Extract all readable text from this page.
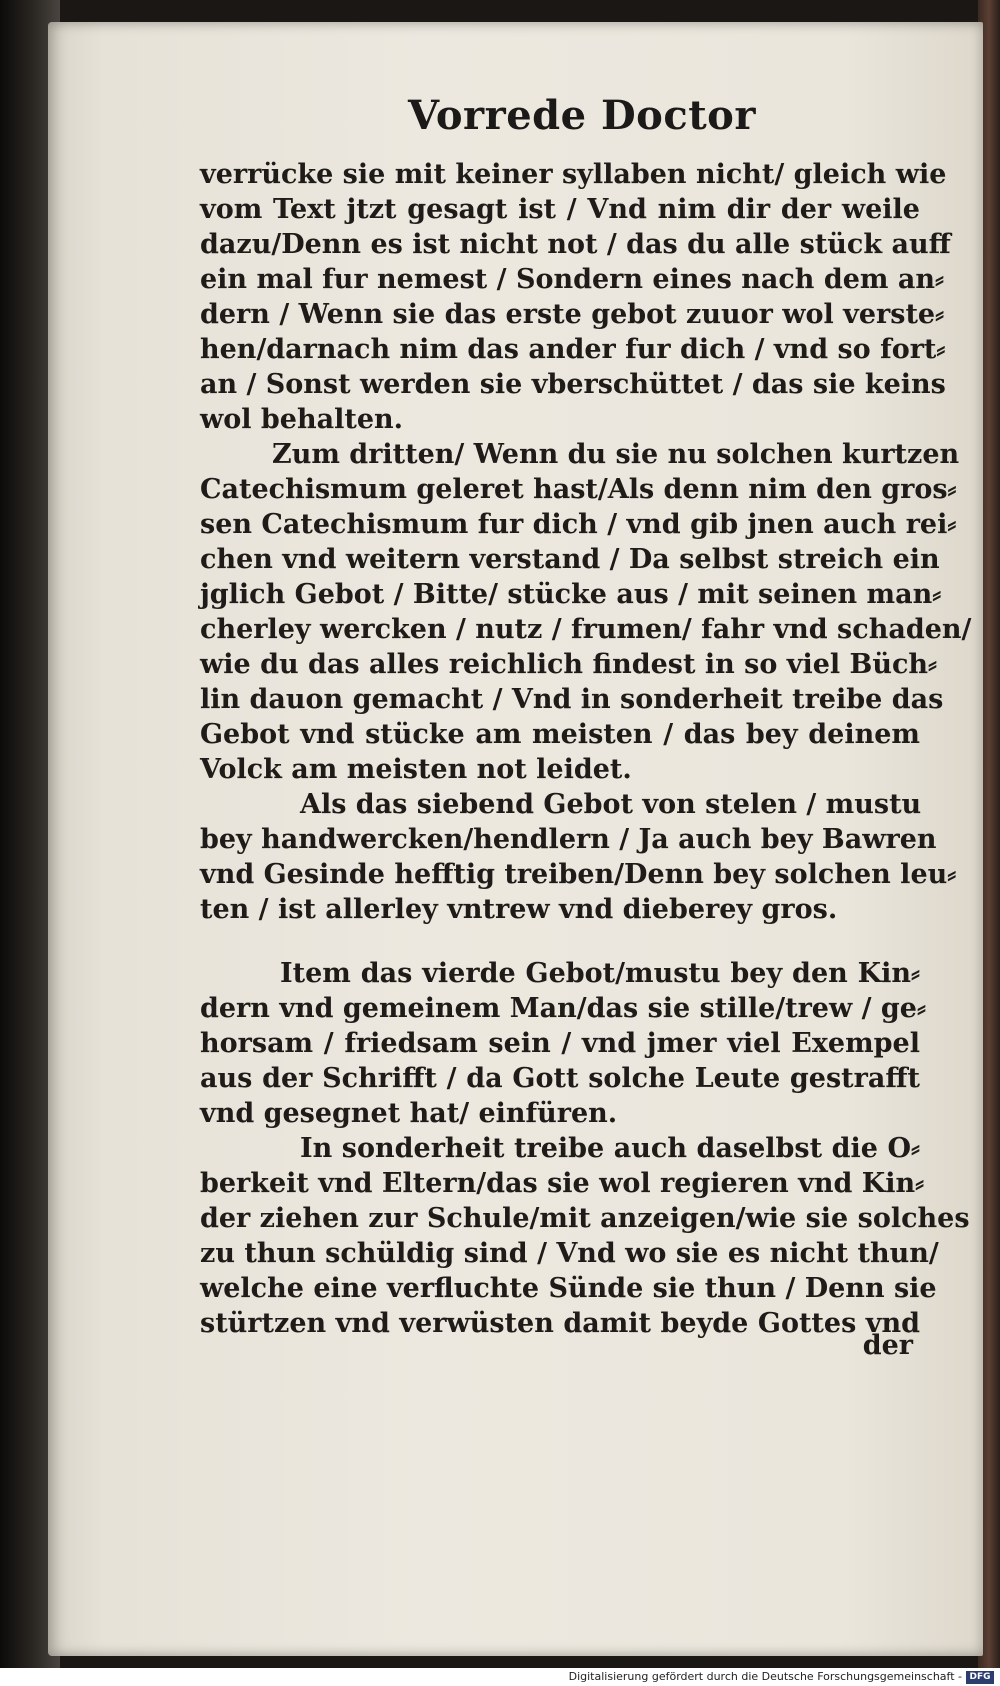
Vorrede Doctor
verrücke sie mit keiner syllaben nicht/ gleich wie
vom Text jtzt gesagt ist / Vnd nim dir der weile
dazu/Denn es ist nicht not / das du alle stück auff
ein mal fur nemest / Sondern eines nach dem an⸗
dern / Wenn sie das erste gebot zuuor wol verste⸗
hen/darnach nim das ander fur dich / vnd so fort⸗
an / Sonst werden sie vberschüttet / das sie keins
wol behalten.
Zum dritten/ Wenn du sie nu solchen kurtzen
Catechismum geleret hast/Als denn nim den gros⸗
sen Catechismum fur dich / vnd gib jnen auch rei⸗
chen vnd weitern verstand / Da selbst streich ein
jglich Gebot / Bitte/ stücke aus / mit seinen man⸗
cherley wercken / nutz / frumen/ fahr vnd schaden/
wie du das alles reichlich findest in so viel Büch⸗
lin dauon gemacht / Vnd in sonderheit treibe das
Gebot vnd stücke am meisten / das bey deinem
Volck am meisten not leidet.
Als das siebend Gebot von stelen / mustu
bey handwercken/hendlern / Ja auch bey Bawren
vnd Gesinde hefftig treiben/Denn bey solchen leu⸗
ten / ist allerley vntrew vnd dieberey gros.
Item das vierde Gebot/mustu bey den Kin⸗
dern vnd gemeinem Man/das sie stille/trew / ge⸗
horsam / friedsam sein / vnd jmer viel Exempel
aus der Schrifft / da Gott solche Leute gestrafft
vnd gesegnet hat/ einfüren.
In sonderheit treibe auch daselbst die O⸗
berkeit vnd Eltern/das sie wol regieren vnd Kin⸗
der ziehen zur Schule/mit anzeigen/wie sie solches
zu thun schüldig sind / Vnd wo sie es nicht thun/
welche eine verfluchte Sünde sie thun / Denn sie
stürtzen vnd verwüsten damit beyde Gottes vnd
der
Digitalisierung gefördert durch die Deutsche Forschungsgemeinschaft - DFG
